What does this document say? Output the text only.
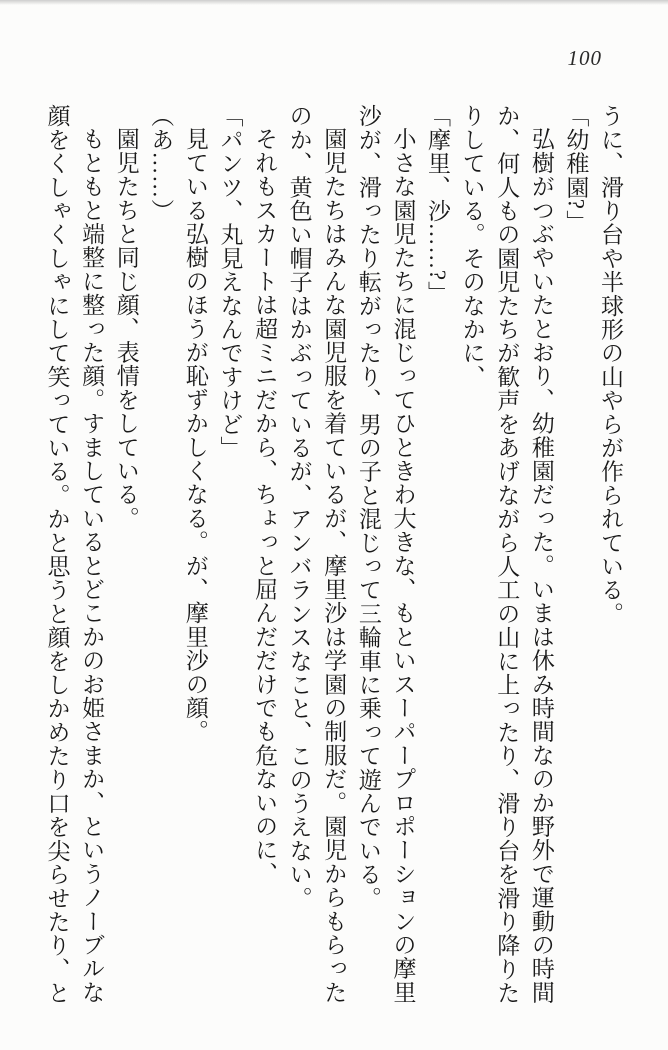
100

うに、滑り台や半球形の山やらが作られている。

「幼稚園?」

弘樹がつぶやいたとおり、幼稚園だった。いまは休み時間なのか野外で運動の時間か、何人もの園児たちが歓声をあげながら人工の山に上ったり、滑り台を滑り降りたりしている。そのなかに、

「摩里、沙……?」

小さな園児たちに混じってひときわ大きな、もといスーパープロポーションの摩里沙が、滑ったり転がったり、男の子と混じって三輪車に乗って遊んでいる。

園児たちはみんな園児服を着ているが、摩里沙は学園の制服だ。園児からもらったのか、黄色い帽子はかぶっているが、アンバランスなこと、このうえない。

それもスカートは超ミニだから、ちょっと屈んだだけでも危ないのに、

「パンツ、丸見えなんですけど」

見ている弘樹のほうが恥ずかしくなる。が、摩里沙の顔。

（あ……）

園児たちと同じ顔、表情をしている。

もともと端整に整った顔。すましているとどこかのお姫さまか、というノーブルな顔をくしゃくしゃにして笑っている。かと思うと顔をしかめたり口を尖らせたり、と
